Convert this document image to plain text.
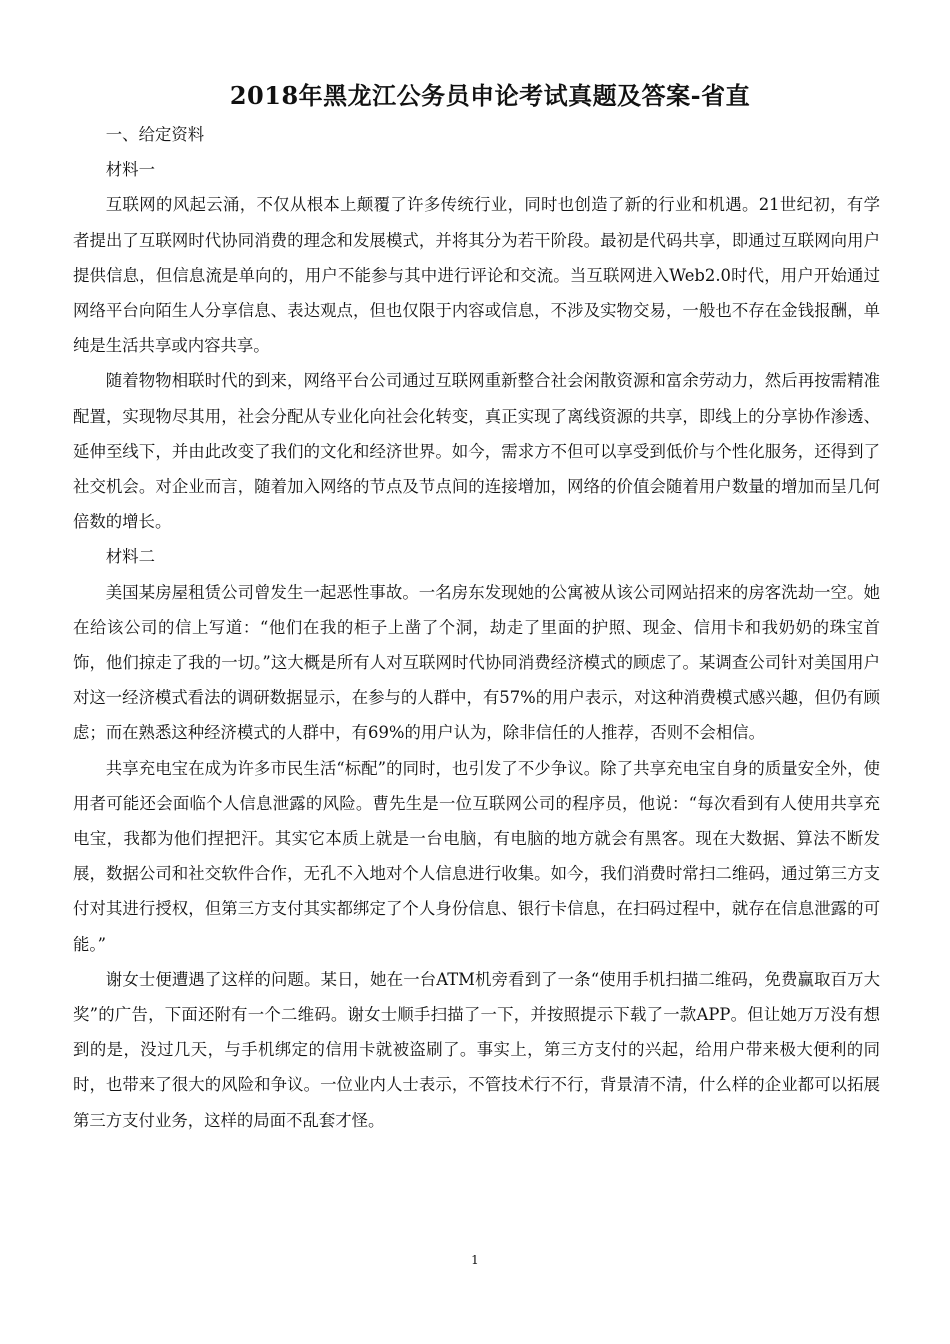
2018年黑龙江公务员申论考试真题及答案-省直

一、给定资料

材料一

互联网的风起云涌，不仅从根本上颠覆了许多传统行业，同时也创造了新的行业和机遇。21世纪初，有学者提出了互联网时代协同消费的理念和发展模式，并将其分为若干阶段。最初是代码共享，即通过互联网向用户提供信息，但信息流是单向的，用户不能参与其中进行评论和交流。当互联网进入Web2.0时代，用户开始通过网络平台向陌生人分享信息、表达观点，但也仅限于内容或信息，不涉及实物交易，一般也不存在金钱报酬，单纯是生活共享或内容共享。

随着物物相联时代的到来，网络平台公司通过互联网重新整合社会闲散资源和富余劳动力，然后再按需精准配置，实现物尽其用，社会分配从专业化向社会化转变，真正实现了离线资源的共享，即线上的分享协作渗透、延伸至线下，并由此改变了我们的文化和经济世界。如今，需求方不但可以享受到低价与个性化服务，还得到了社交机会。对企业而言，随着加入网络的节点及节点间的连接增加，网络的价值会随着用户数量的增加而呈几何倍数的增长。

材料二

美国某房屋租赁公司曾发生一起恶性事故。一名房东发现她的公寓被从该公司网站招来的房客洗劫一空。她在给该公司的信上写道：“他们在我的柜子上凿了个洞，劫走了里面的护照、现金、信用卡和我奶奶的珠宝首饰，他们掠走了我的一切。”这大概是所有人对互联网时代协同消费经济模式的顾虑了。某调查公司针对美国用户对这一经济模式看法的调研数据显示，在参与的人群中，有57%的用户表示，对这种消费模式感兴趣，但仍有顾虑；而在熟悉这种经济模式的人群中，有69%的用户认为，除非信任的人推荐，否则不会相信。

共享充电宝在成为许多市民生活“标配”的同时，也引发了不少争议。除了共享充电宝自身的质量安全外，使用者可能还会面临个人信息泄露的风险。曹先生是一位互联网公司的程序员，他说：“每次看到有人使用共享充电宝，我都为他们捏把汗。其实它本质上就是一台电脑，有电脑的地方就会有黑客。现在大数据、算法不断发展，数据公司和社交软件合作，无孔不入地对个人信息进行收集。如今，我们消费时常扫二维码，通过第三方支付对其进行授权，但第三方支付其实都绑定了个人身份信息、银行卡信息，在扫码过程中，就存在信息泄露的可能。”

谢女士便遭遇了这样的问题。某日，她在一台ATM机旁看到了一条“使用手机扫描二维码，免费赢取百万大奖”的广告，下面还附有一个二维码。谢女士顺手扫描了一下，并按照提示下载了一款APP。但让她万万没有想到的是，没过几天，与手机绑定的信用卡就被盗刷了。事实上，第三方支付的兴起，给用户带来极大便利的同时，也带来了很大的风险和争议。一位业内人士表示，不管技术行不行，背景清不清，什么样的企业都可以拓展第三方支付业务，这样的局面不乱套才怪。

1
